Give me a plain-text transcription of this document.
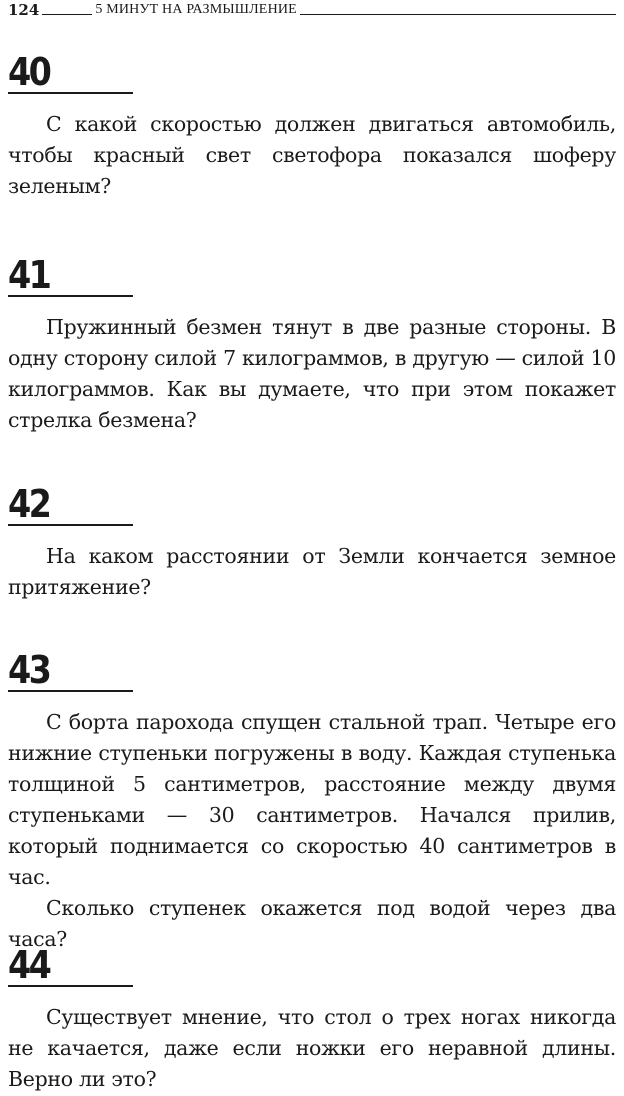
124	5 МИНУТ НА РАЗМЫШЛЕНИЕ
40

С какой скоростью должен двигаться автомобиль, чтобы красный свет светофора показался шоферу зеленым?

41

Пружинный безмен тянут в две разные стороны. В одну сторону силой 7 килограммов, в другую — силой 10 килограммов. Как вы думаете, что при этом покажет стрелка безмена?

42

На каком расстоянии от Земли кончается земное притяжение?

43

С борта парохода спущен стальной трап. Четыре его нижние ступеньки погружены в воду. Каждая ступенька толщиной 5 сантиметров, расстояние между двумя ступеньками — 30 сантиметров. Начался прилив, который поднимается со скоростью 40 сантиметров в час.

Сколько ступенек окажется под водой через два часа?

44

Существует мнение, что стол о трех ногах никогда не качается, даже если ножки его неравной длины. Верно ли это?
